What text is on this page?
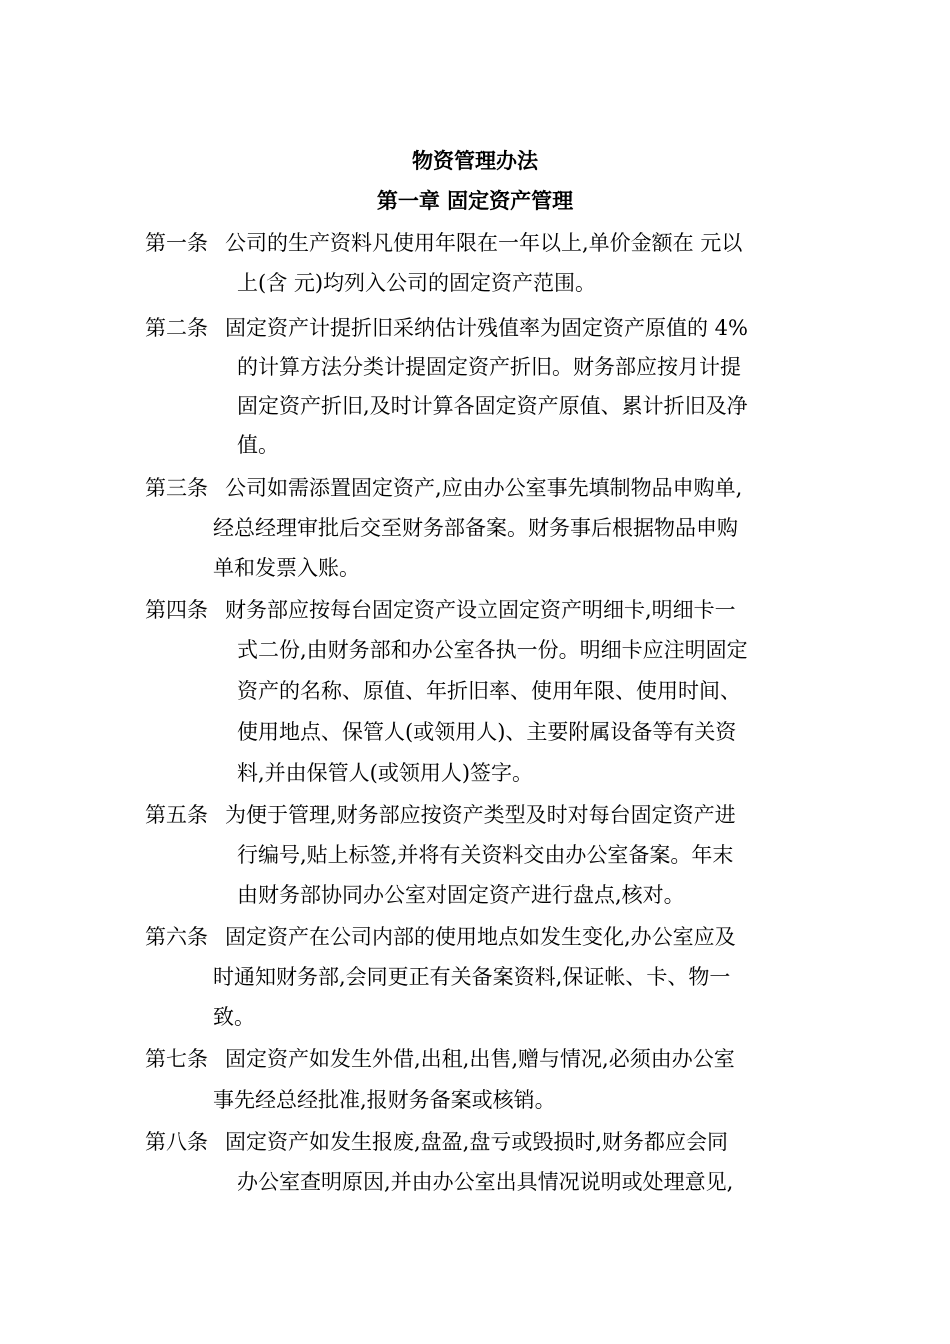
物资管理办法
第一章 固定资产管理
第一条 公司的生产资料凡使用年限在一年以上,单价金额在 元以
上(含 元)均列入公司的固定资产范围。
第二条 固定资产计提折旧采纳估计残值率为固定资产原值的 4%
的计算方法分类计提固定资产折旧。财务部应按月计提
固定资产折旧,及时计算各固定资产原值、累计折旧及净
值。
第三条 公司如需添置固定资产,应由办公室事先填制物品申购单,
经总经理审批后交至财务部备案。财务事后根据物品申购
单和发票入账。
第四条 财务部应按每台固定资产设立固定资产明细卡,明细卡一
式二份,由财务部和办公室各执一份。明细卡应注明固定
资产的名称、原值、年折旧率、使用年限、使用时间、
使用地点、保管人(或领用人)、主要附属设备等有关资
料,并由保管人(或领用人)签字。
第五条 为便于管理,财务部应按资产类型及时对每台固定资产进
行编号,贴上标签,并将有关资料交由办公室备案。年末
由财务部协同办公室对固定资产进行盘点,核对。
第六条 固定资产在公司内部的使用地点如发生变化,办公室应及
时通知财务部,会同更正有关备案资料,保证帐、卡、物一
致。
第七条 固定资产如发生外借,出租,出售,赠与情况,必须由办公室
事先经总经批准,报财务备案或核销。
第八条 固定资产如发生报废,盘盈,盘亏或毁损时,财务都应会同
办公室查明原因,并由办公室出具情况说明或处理意见,
